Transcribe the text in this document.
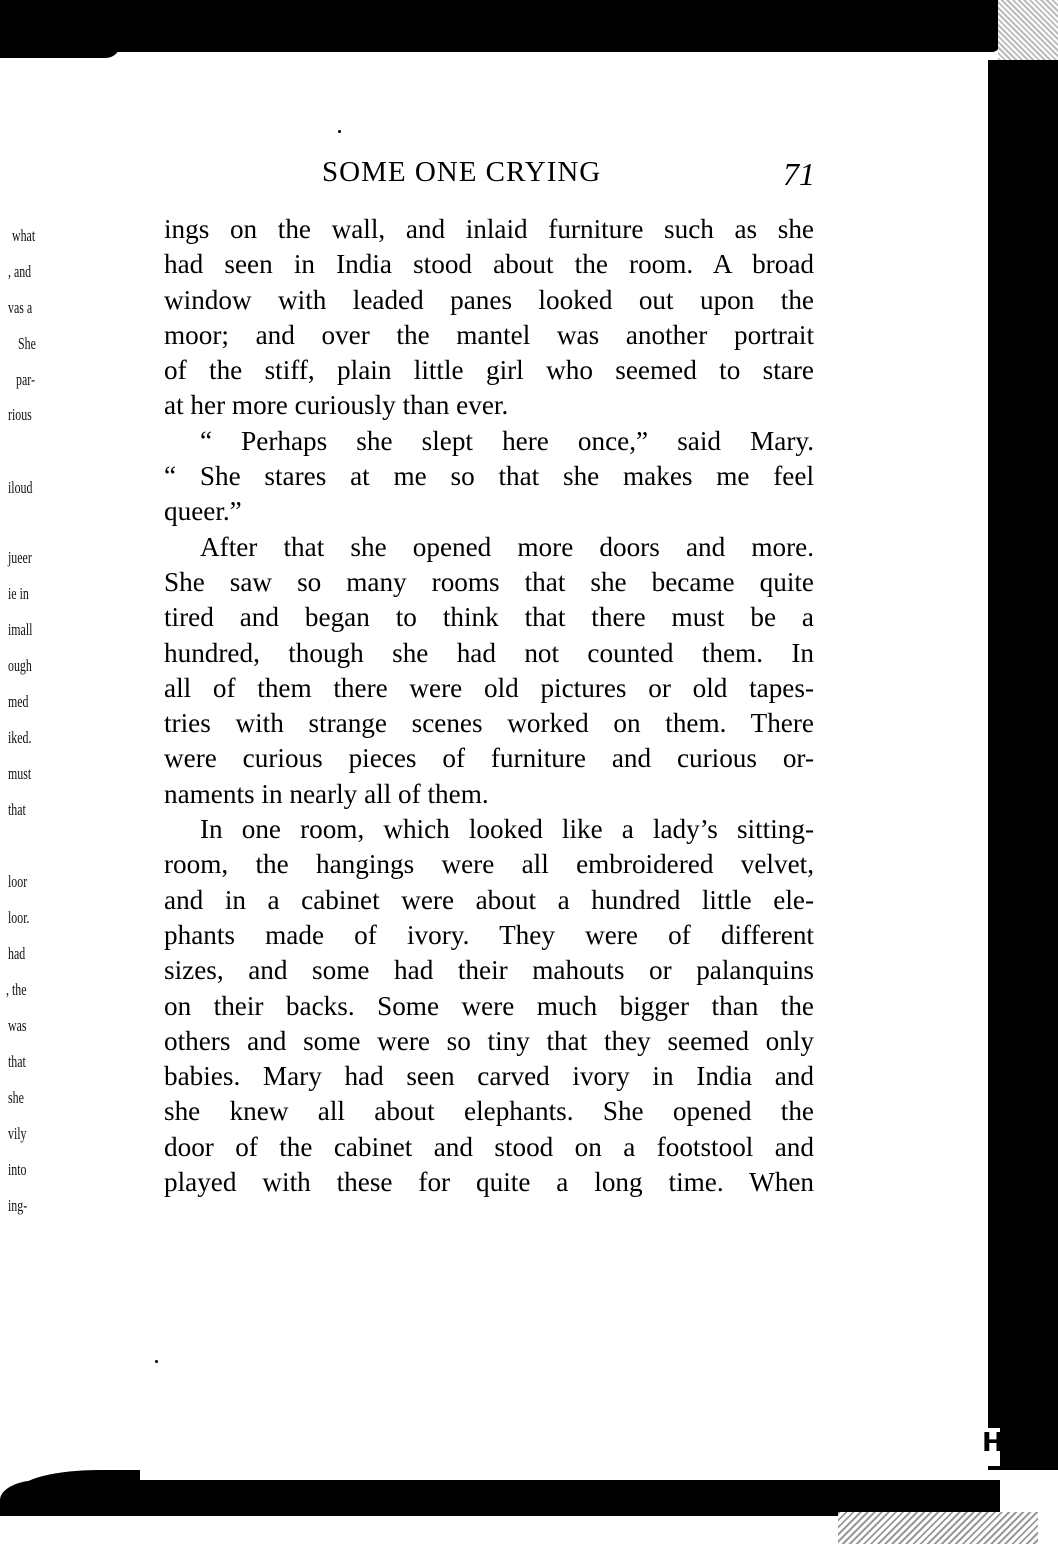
H
what
, and
vas a
She
par-
rious
iloud
jueer
ie in
imall
ough
med
iked.
must
that
loor
loor.
had
, the
was
that
she
vily
into
ing-
SOME ONE CRYING	71
ings on the wall, and inlaid furniture such as she
had seen in India stood about the room. A broad
window with leaded panes looked out upon the
moor; and over the mantel was another portrait
of the stiff, plain little girl who seemed to stare
at her more curiously than ever.
“ Perhaps she slept here once,” said Mary.
“ She stares at me so that she makes me feel
queer.”
After that she opened more doors and more.
She saw so many rooms that she became quite
tired and began to think that there must be a
hundred, though she had not counted them. In
all of them there were old pictures or old tapes-
tries with strange scenes worked on them. There
were curious pieces of furniture and curious or-
naments in nearly all of them.
In one room, which looked like a lady’s sitting-
room, the hangings were all embroidered velvet,
and in a cabinet were about a hundred little ele-
phants made of ivory. They were of different
sizes, and some had their mahouts or palanquins
on their backs. Some were much bigger than the
others and some were so tiny that they seemed only
babies. Mary had seen carved ivory in India and
she knew all about elephants. She opened the
door of the cabinet and stood on a footstool and
played with these for quite a long time. When
